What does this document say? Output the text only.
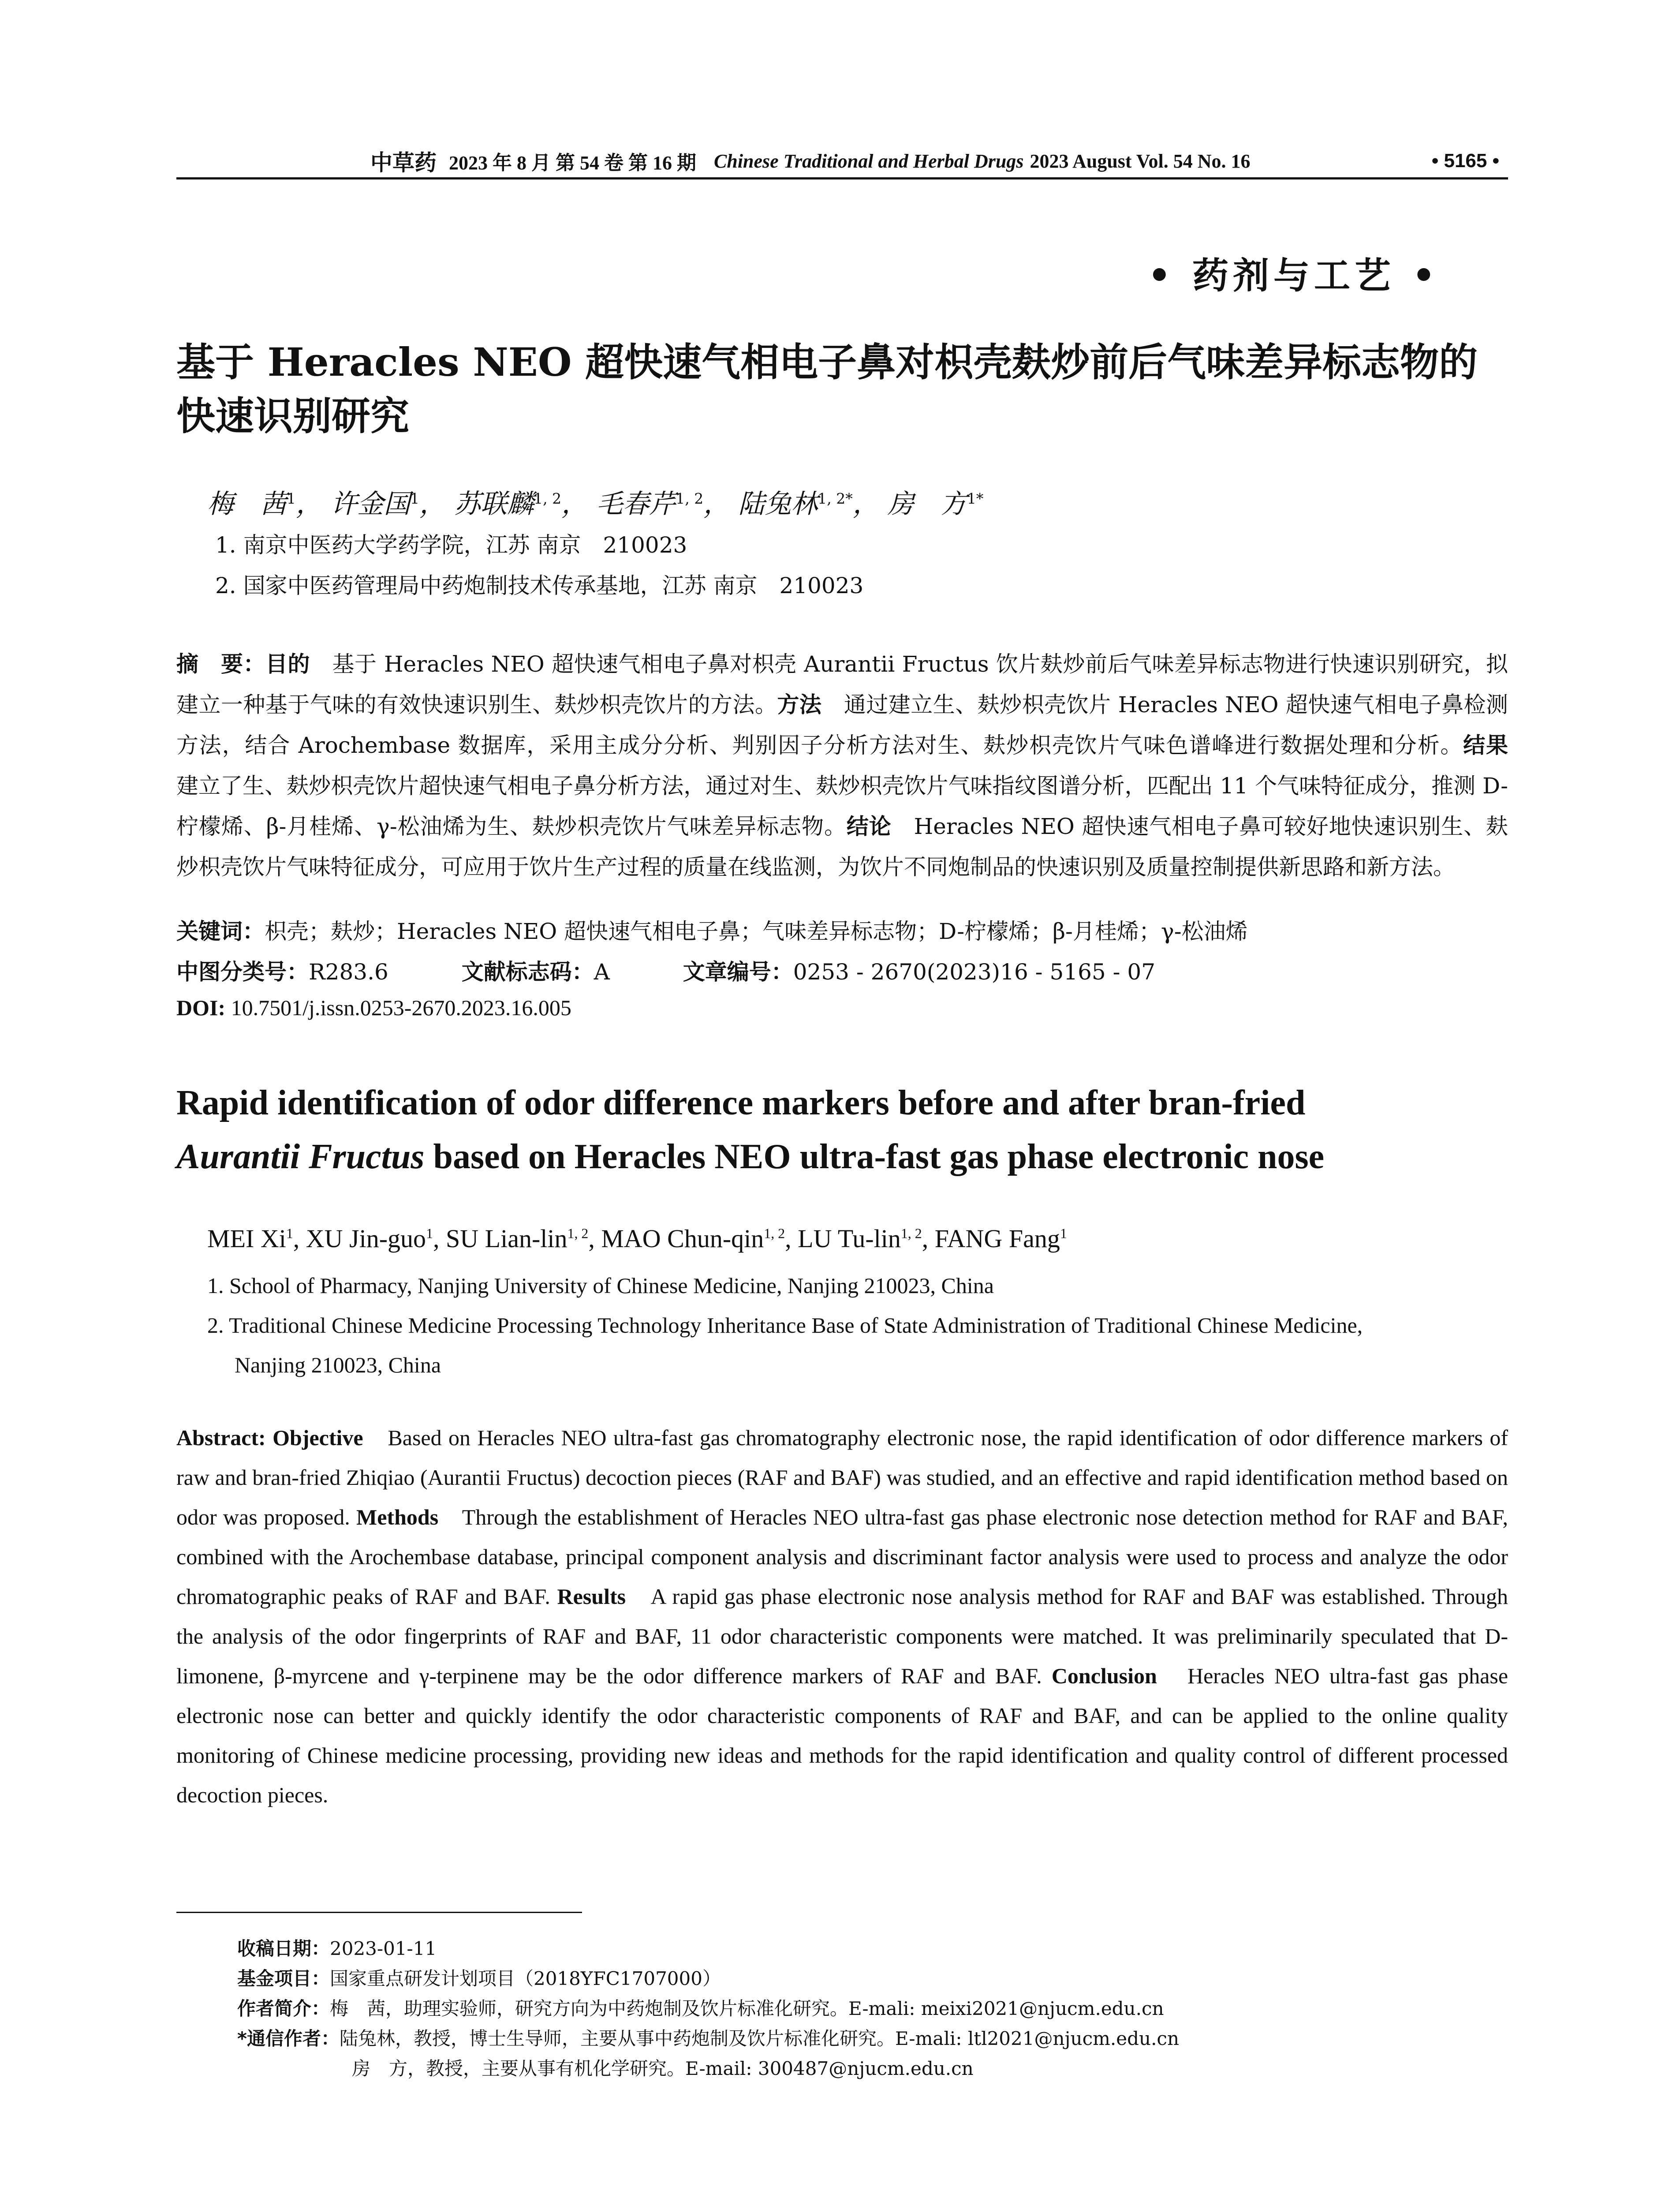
中草药 2023 年 8 月 第 54 卷 第 16 期 Chinese Traditional and Herbal Drugs 2023 August Vol. 54 No. 16	• 5165 •
• 药剂与工艺 •
基于 Heracles NEO 超快速气相电子鼻对枳壳麸炒前后气味差异标志物的快速识别研究
梅　茜$^1$， 许金国$^1$， 苏联麟$^{1, 2}$， 毛春芹$^{1, 2}$， 陆兔林$^{1, 2*}$， 房　方$^{1*}$
1. 南京中医药大学药学院，江苏 南京　210023
2. 国家中医药管理局中药炮制技术传承基地，江苏 南京　210023
摘　要：目的　 基于 Heracles NEO 超快速气相电子鼻对枳壳 Aurantii Fructus 饮片麸炒前后气味差异标志物进行快速识别研究，拟建立一种基于气味的有效快速识别生、麸炒枳壳饮片的方法。方法　 通过建立生、麸炒枳壳饮片 Heracles NEO 超快速气相电子鼻检测方法，结合 Arochembase 数据库，采用主成分分析、判别因子分析方法对生、麸炒枳壳饮片气味色谱峰进行数据处理和分析。结果　建立了生、麸炒枳壳饮片超快速气相电子鼻分析方法，通过对生、麸炒枳壳饮片气味指纹图谱分析，匹配出 11 个气味特征成分，推测 D-柠檬烯、β-月桂烯、γ-松油烯为生、麸炒枳壳饮片气味差异标志物。结论　 Heracles NEO 超快速气相电子鼻可较好地快速识别生、麸炒枳壳饮片气味特征成分，可应用于饮片生产过程的质量在线监测，为饮片不同炮制品的快速识别及质量控制提供新思路和新方法。
关键词：枳壳；麸炒；Heracles NEO 超快速气相电子鼻；气味差异标志物；D-柠檬烯；β-月桂烯；γ-松油烯
中图分类号：R283.6	文献标志码：A	文章编号：0253 - 2670(2023)16 - 5165 - 07
DOI: 10.7501/j.issn.0253-2670.2023.16.005
Rapid identification of odor difference markers before and after bran-fried
Aurantii Fructus based on Heracles NEO ultra-fast gas phase electronic nose
MEI Xi$^1$, XU Jin-guo$^1$, SU Lian-lin$^{1, 2}$, MAO Chun-qin$^{1, 2}$, LU Tu-lin$^{1, 2}$, FANG Fang$^1$
1. School of Pharmacy, Nanjing University of Chinese Medicine, Nanjing 210023, China
2. Traditional Chinese Medicine Processing Technology Inheritance Base of State Administration of Traditional Chinese Medicine,
Nanjing 210023, China
Abstract: Objective　 Based on Heracles NEO ultra-fast gas chromatography electronic nose, the rapid identification of odor difference markers of raw and bran-fried Zhiqiao (Aurantii Fructus) decoction pieces (RAF and BAF) was studied, and an effective and rapid identification method based on odor was proposed. Methods　 Through the establishment of Heracles NEO ultra-fast gas phase electronic nose detection method for RAF and BAF, combined with the Arochembase database, principal component analysis and discriminant factor analysis were used to process and analyze the odor chromatographic peaks of RAF and BAF. Results　 A rapid gas phase electronic nose analysis method for RAF and BAF was established. Through the analysis of the odor fingerprints of RAF and BAF, 11 odor characteristic components were matched. It was preliminarily speculated that D-limonene, β-myrcene and γ-terpinene may be the odor difference markers of RAF and BAF. Conclusion　 Heracles NEO ultra-fast gas phase electronic nose can better and quickly identify the odor characteristic components of RAF and BAF, and can be applied to the online quality monitoring of Chinese medicine processing, providing new ideas and methods for the rapid identification and quality control of different processed decoction pieces.
收稿日期：2023-01-11
基金项目：国家重点研发计划项目（2018YFC1707000）
作者简介：梅　茜，助理实验师，研究方向为中药炮制及饮片标准化研究。E-mali: meixi2021@njucm.edu.cn
*通信作者：陆兔林，教授，博士生导师，主要从事中药炮制及饮片标准化研究。E-mali: ltl2021@njucm.edu.cn
房　方，教授，主要从事有机化学研究。E-mail: 300487@njucm.edu.cn
